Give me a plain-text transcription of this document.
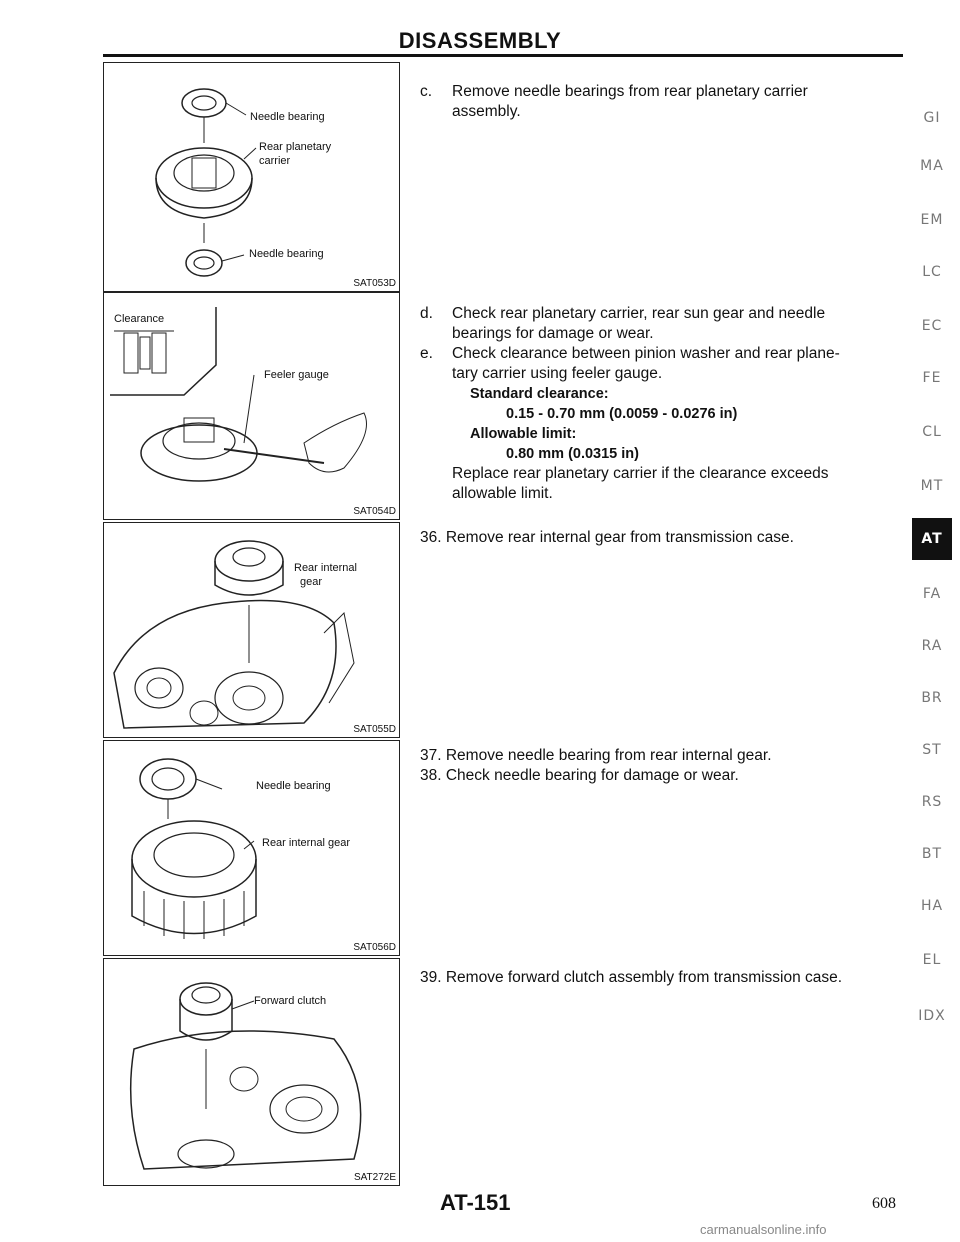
DISASSEMBLY
Needle bearing
Rear planetary
carrier
Needle bearing
SAT053D
Clearance
Feeler gauge
SAT054D
Rear internal
gear
SAT055D
Needle bearing
Rear internal gear
SAT056D
Forward clutch
SAT272E
c. Remove needle bearings from rear planetary carrier
assembly.
d. Check rear planetary carrier, rear sun gear and needle
bearings for damage or wear.
e. Check clearance between pinion washer and rear plane-
tary carrier using feeler gauge.
Standard clearance:
0.15 - 0.70 mm (0.0059 - 0.0276 in)
Allowable limit:
0.80 mm (0.0315 in)
Replace rear planetary carrier if the clearance exceeds
allowable limit.
36. Remove rear internal gear from transmission case.
37. Remove needle bearing from rear internal gear.
38. Check needle bearing for damage or wear.
39. Remove forward clutch assembly from transmission case.
GI
MA
EM
LC
EC
FE
CL
MT
AT
FA
RA
BR
ST
RS
BT
HA
EL
IDX
AT-151	608
carmanualsonline.info
